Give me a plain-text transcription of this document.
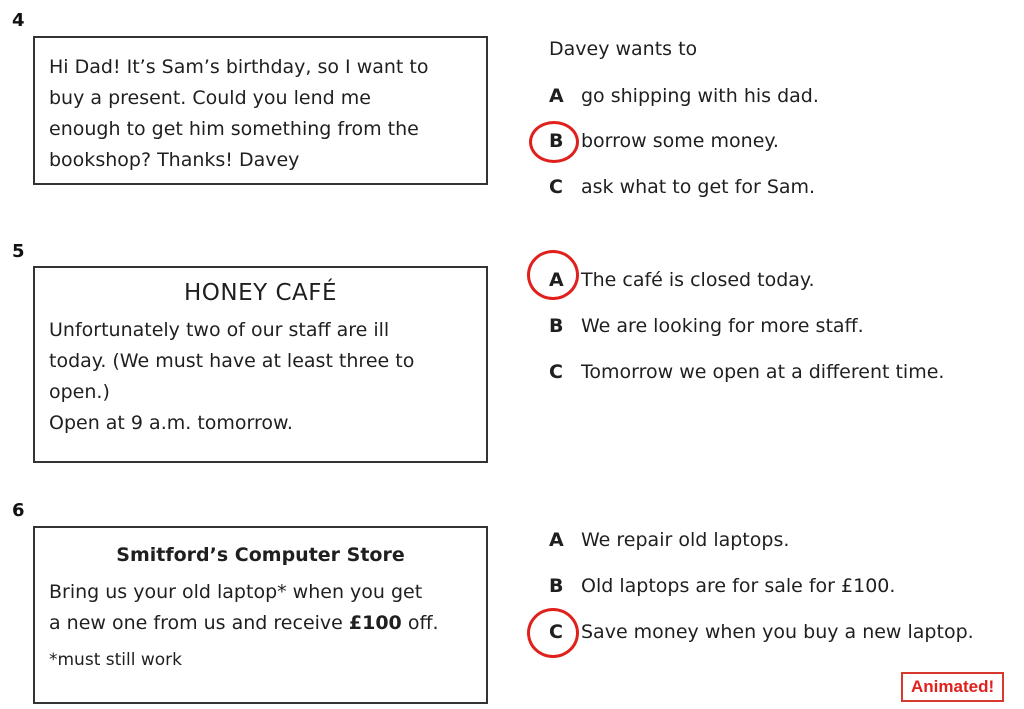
4

Hi Dad! It’s Sam’s birthday, so I want to

buy a present. Could you lend me

enough to get him something from the

bookshop? Thanks! Davey

Davey wants to
A go shipping with his dad.
B borrow some money.
C ask what to get for Sam.
5

HONEY CAFÉ

Unfortunately two of our staff are ill

today. (We must have at least three to

open.)

Open at 9 a.m. tomorrow.

A The café is closed today.
B We are looking for more staff.
C Tomorrow we open at a different time.
6

Smitford’s Computer Store

Bring us your old laptop* when you get

a new one from us and receive £100 off.

*must still work

A We repair old laptops.
B Old laptops are for sale for £100.
C Save money when you buy a new laptop.
Animated!
